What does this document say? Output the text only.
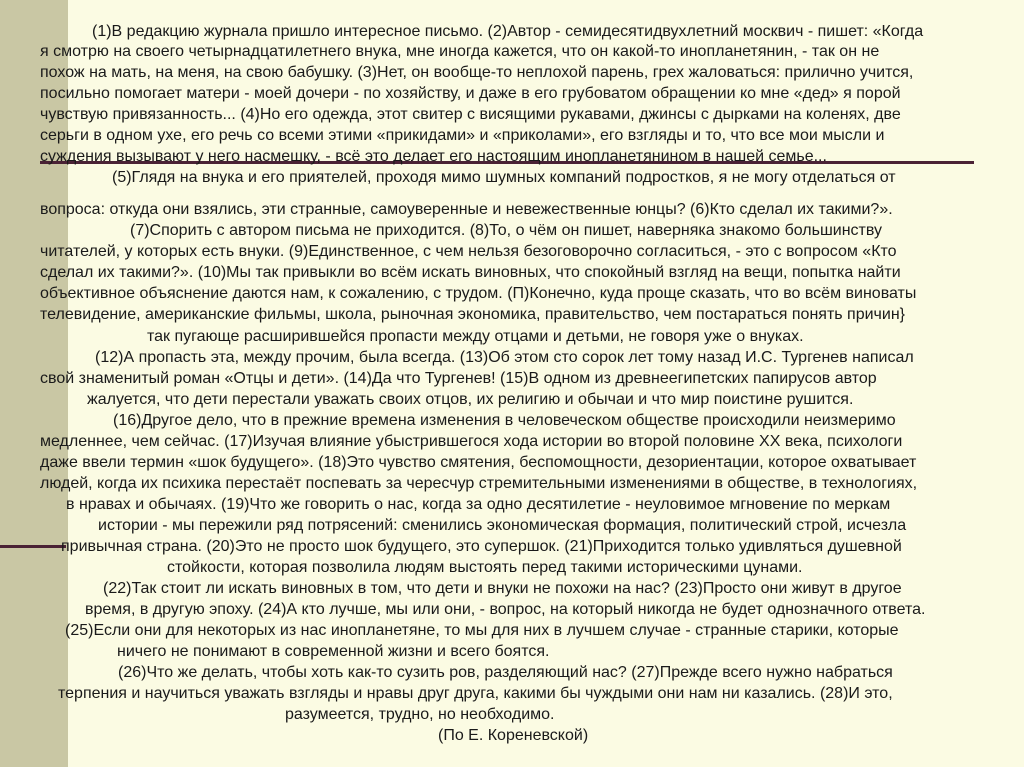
(1)В редакцию журнала пришло интересное письмо. (2)Автор - семидесятидвухлетний москвич - пишет: «Когда
я смотрю на своего четырнадцатилетнего внука, мне иногда кажется, что он какой-то инопланетянин, - так он не
похож на мать, на меня, на свою бабушку. (3)Нет, он вообще-то неплохой парень, грех жаловаться: прилично учится,
посильно помогает матери - моей дочери - по хозяйству, и даже в его грубоватом обращении ко мне «дед» я порой
чувствую привязанность... (4)Но его одежда, этот свитер с висящими рукавами, джинсы с дырками на коленях, две
серьги в одном ухе, его речь со всеми этими «прикидами» и «приколами», его взгляды и то, что все мои мысли и
суждения вызывают у него насмешку, - всё это делает его настоящим инопланетянином в нашей семье...
(5)Глядя на внука и его приятелей, проходя мимо шумных компаний подростков, я не могу отделаться от
вопроса: откуда они взялись, эти странные, самоуверенные и невежественные юнцы? (6)Кто сделал их такими?».
(7)Спорить с автором письма не приходится. (8)То, о чём он пишет, наверняка знакомо большинству
читателей, у которых есть внуки. (9)Единственное, с чем нельзя безоговорочно согласиться, - это с вопросом «Кто
сделал их такими?». (10)Мы так привыкли во всём искать виновных, что спокойный взгляд на вещи, попытка найти
объективное объяснение даются нам, к сожалению, с трудом. (П)Конечно, куда проще сказать, что во всём виноваты
телевидение, американские фильмы, школа, рыночная экономика, правительство, чем постараться понять причин}
так пугающе расширившейся пропасти между отцами и детьми, не говоря уже о внуках.
(12)А пропасть эта, между прочим, была всегда. (13)Об этом сто сорок лет тому назад И.С. Тургенев написал
свой знаменитый роман «Отцы и дети». (14)Да что Тургенев! (15)В одном из древнеегипетских папирусов автор
жалуется, что дети перестали уважать своих отцов, их религию и обычаи и что мир поистине рушится.
(16)Другое дело, что в прежние времена изменения в человеческом обществе происходили неизмеримо
медленнее, чем сейчас. (17)Изучая влияние убыстрившегося хода истории во второй половине XX века, психологи
даже ввели термин «шок будущего». (18)Это чувство смятения, беспомощности, дезориентации, которое охватывает
людей, когда их психика перестаёт поспевать за чересчур стремительными изменениями в обществе, в технологиях,
в нравах и обычаях. (19)Что же говорить о нас, когда за одно десятилетие - неуловимое мгновение по меркам
истории - мы пережили ряд потрясений: сменились экономическая формация, политический строй, исчезла
привычная страна. (20)Это не просто шок будущего, это супершок. (21)Приходится только удивляться душевной
стойкости, которая позволила людям выстоять перед такими историческими цунами.
(22)Так стоит ли искать виновных в том, что дети и внуки не похожи на нас? (23)Просто они живут в другое
время, в другую эпоху. (24)А кто лучше, мы или они, - вопрос, на который никогда не будет однозначного ответа.
(25)Если они для некоторых из нас инопланетяне, то мы для них в лучшем случае - странные старики, которые
ничего не понимают в современной жизни и всего боятся.
(26)Что же делать, чтобы хоть как-то сузить ров, разделяющий нас? (27)Прежде всего нужно набраться
терпения и научиться уважать взгляды и нравы друг друга, какими бы чуждыми они нам ни казались. (28)И это,
разумеется, трудно, но необходимо.
(По Е. Кореневской)
